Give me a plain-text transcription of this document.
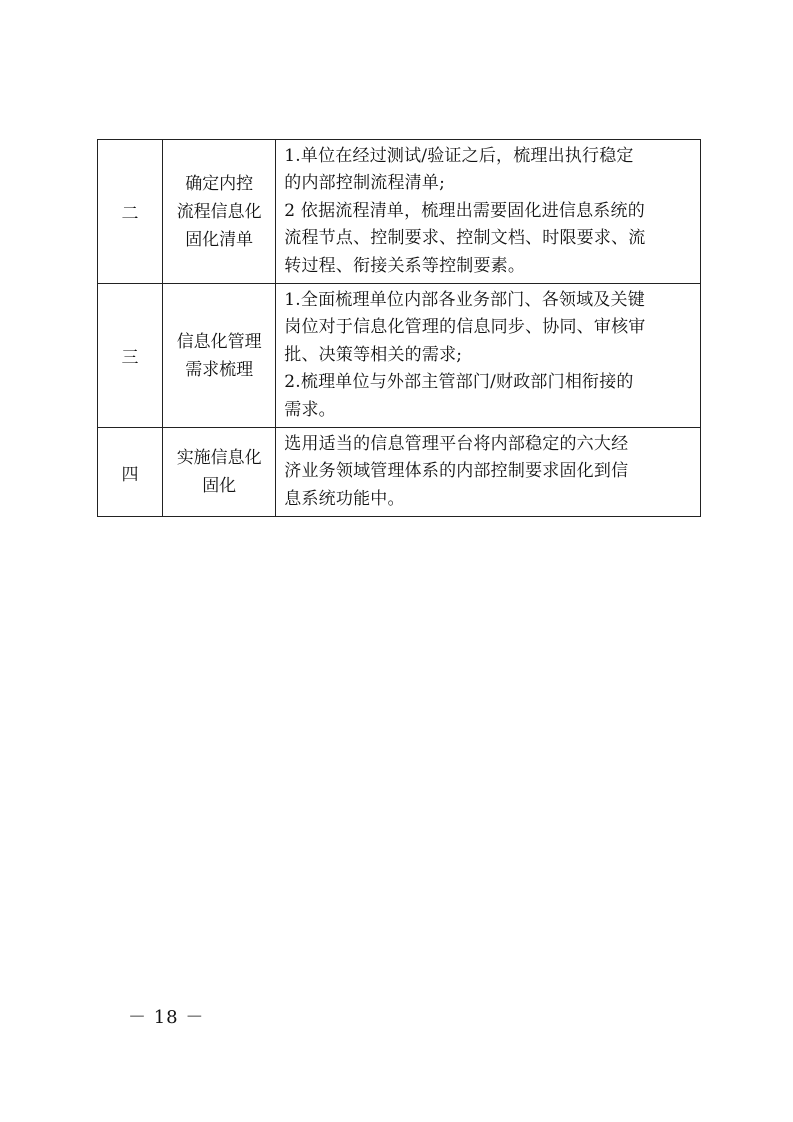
二	确定内控
流程信息化
固化清单	1.单位在经过测试/验证之后，梳理出执行稳定
的内部控制流程清单;
2 依据流程清单，梳理出需要固化进信息系统的
流程节点、控制要求、控制文档、时限要求、流
转过程、衔接关系等控制要素。

三	信息化管理
需求梳理	1.全面梳理单位内部各业务部门、各领域及关键
岗位对于信息化管理的信息同步、协同、审核审
批、决策等相关的需求;
2.梳理单位与外部主管部门/财政部门相衔接的
需求。

四	实施信息化
固化	选用适当的信息管理平台将内部稳定的六大经
济业务领域管理体系的内部控制要求固化到信
息系统功能中。
－ 18 －
